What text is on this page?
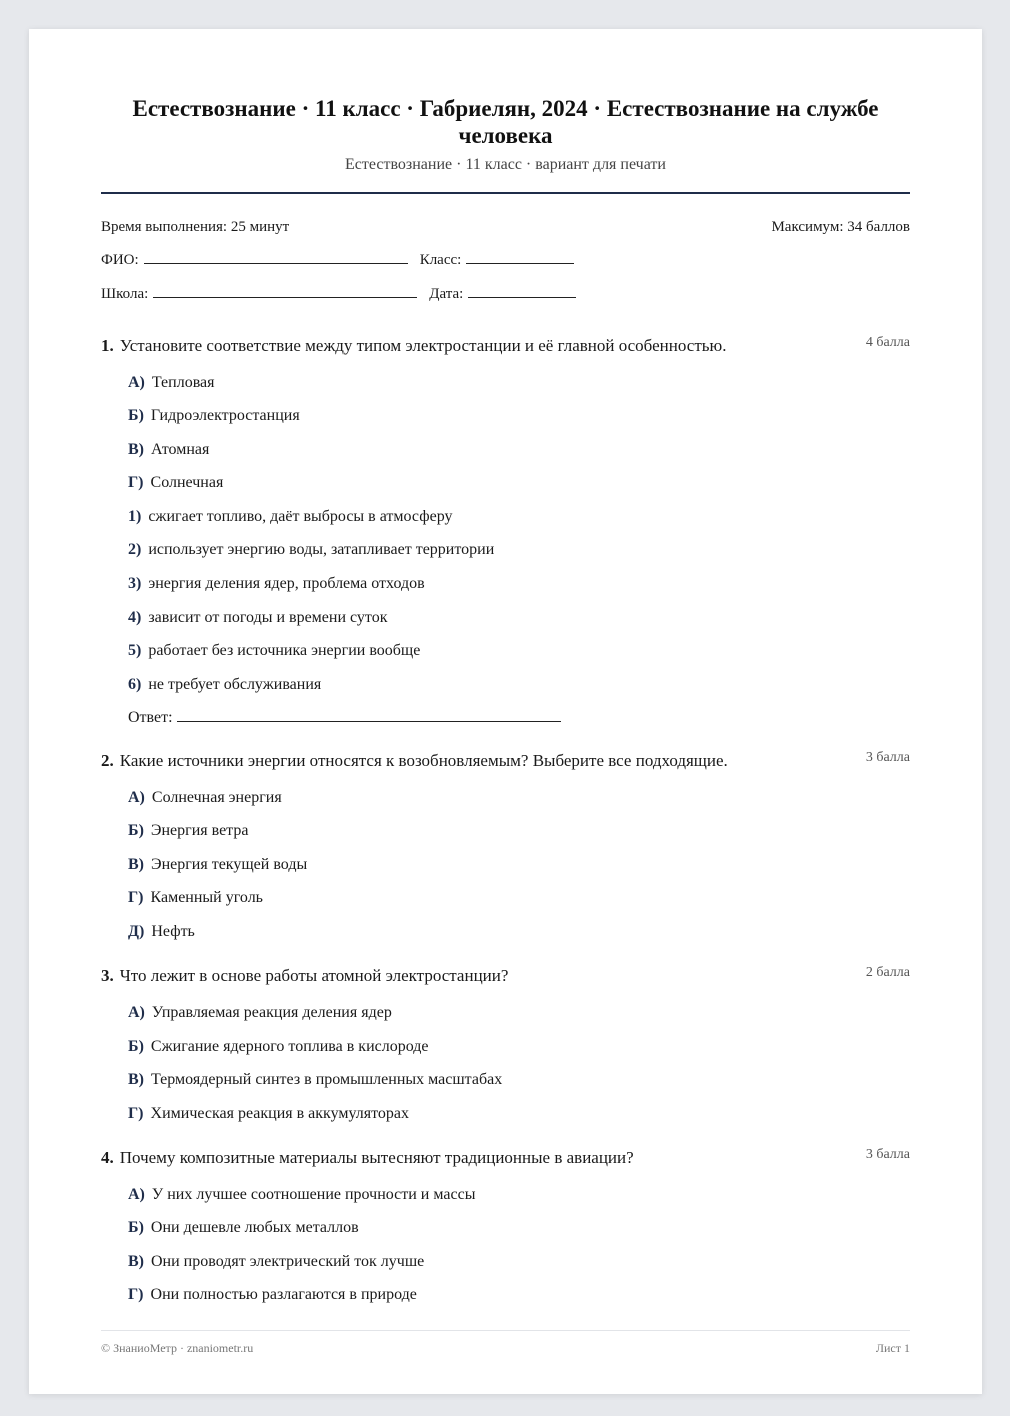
Естествознание · 11 класс · Габриелян, 2024 · Естествознание на службе человека
Естествознание · 11 класс · вариант для печати
Время выполнения: 25 минут	Максимум: 34 баллов
ФИО:	Класс:
Школа:	Дата:
1. Установите соответствие между типом электростанции и её главной особенностью.	4 балла
А) Тепловая
Б) Гидроэлектростанция
В) Атомная
Г) Солнечная
1) сжигает топливо, даёт выбросы в атмосферу
2) использует энергию воды, затапливает территории
3) энергия деления ядер, проблема отходов
4) зависит от погоды и времени суток
5) работает без источника энергии вообще
6) не требует обслуживания
Ответ:
2. Какие источники энергии относятся к возобновляемым? Выберите все подходящие.	3 балла
А) Солнечная энергия
Б) Энергия ветра
В) Энергия текущей воды
Г) Каменный уголь
Д) Нефть
3. Что лежит в основе работы атомной электростанции?	2 балла
А) Управляемая реакция деления ядер
Б) Сжигание ядерного топлива в кислороде
В) Термоядерный синтез в промышленных масштабах
Г) Химическая реакция в аккумуляторах
4. Почему композитные материалы вытесняют традиционные в авиации?	3 балла
А) У них лучшее соотношение прочности и массы
Б) Они дешевле любых металлов
В) Они проводят электрический ток лучше
Г) Они полностью разлагаются в природе
© ЗнаниоМетр · znaniometr.ru	Лист 1
